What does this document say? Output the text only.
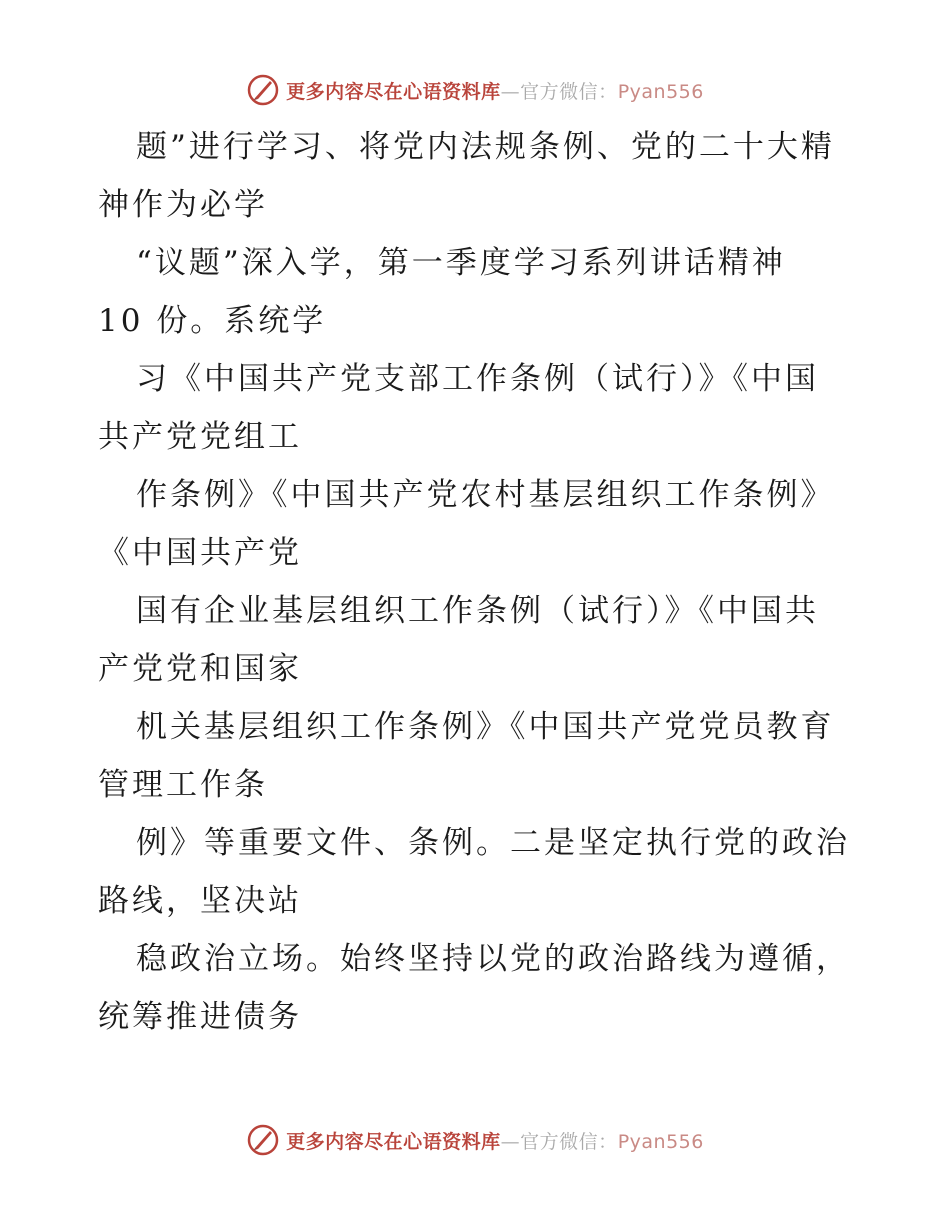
更多内容尽在心语资料库—官方微信：Pyan556
题”进行学习、将党内法规条例、党的二十大精
神作为必学
“议题”深入学，第一季度学习系列讲话精神
10 份。系统学
习《中国共产党支部工作条例（试行）》《中国
共产党党组工
作条例》《中国共产党农村基层组织工作条例》
《中国共产党
国有企业基层组织工作条例（试行）》《中国共
产党党和国家
机关基层组织工作条例》《中国共产党党员教育
管理工作条
例》等重要文件、条例。二是坚定执行党的政治
路线，坚决站
稳政治立场。始终坚持以党的政治路线为遵循，
统筹推进债务
更多内容尽在心语资料库—官方微信：Pyan556
